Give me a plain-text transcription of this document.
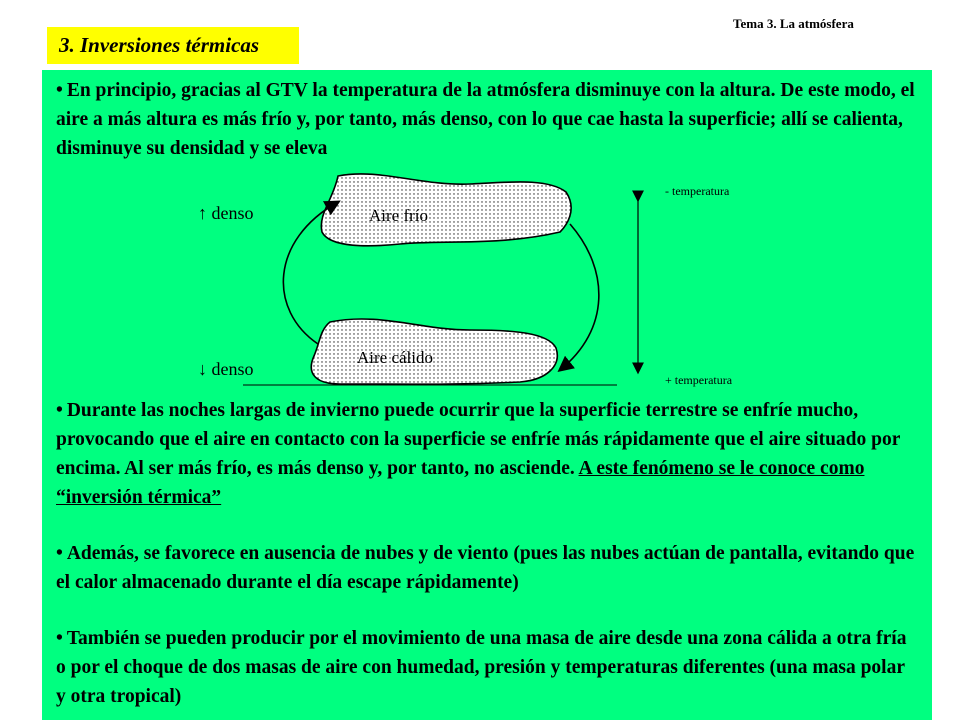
Tema 3. La atmósfera
3. Inversiones térmicas

• En principio, gracias al GTV la temperatura de la atmósfera disminuye con la altura. De este modo, el aire a más altura es más frío y, por tanto, más denso, con lo que cae hasta la superficie; allí se calienta, disminuye su densidad y se eleva

Aire frío
Aire cálido
↑ denso
↓ denso
- temperatura
+ temperatura

• Durante las noches largas de invierno puede ocurrir que la superficie terrestre se enfríe mucho, provocando que el aire en contacto con la superficie se enfríe más rápidamente que el aire situado por encima. Al ser más frío, es más denso y, por tanto, no asciende. A este fenómeno se le conoce como “inversión térmica”

• Además, se favorece en ausencia de nubes y de viento (pues las nubes actúan de pantalla, evitando que el calor almacenado durante el día escape rápidamente)

• También se pueden producir por el movimiento de una masa de aire desde una zona cálida a otra fría o por el choque de dos masas de aire con humedad, presión y temperaturas diferentes (una masa polar y otra tropical)
